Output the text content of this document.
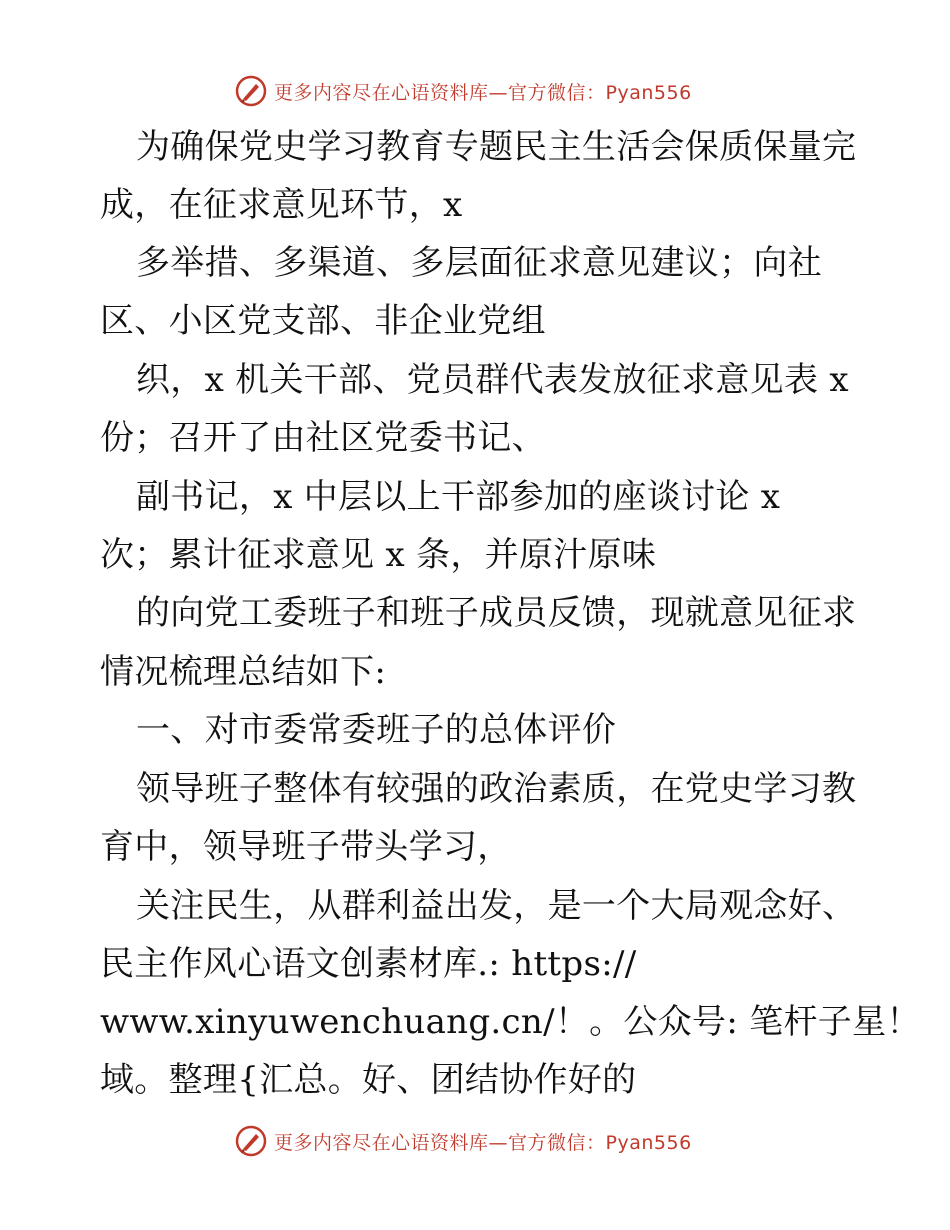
更多内容尽在心语资料库—官方微信：Pyan556
为确保党史学习教育专题民主生活会保质保量完
成，在征求意见环节，x
多举措、多渠道、多层面征求意见建议；向社
区、小区党支部、非企业党组
织，x 机关干部、党员群代表发放征求意见表 x
份；召开了由社区党委书记、
副书记，x 中层以上干部参加的座谈讨论 x
次；累计征求意见 x 条，并原汁原味
的向党工委班子和班子成员反馈，现就意见征求
情况梳理总结如下:
一、对市委常委班子的总体评价
领导班子整体有较强的政治素质，在党史学习教
育中，领导班子带头学习，
关注民生，从群利益出发，是一个大局观念好、
民主作风心语文创素材库.: https://
www.xinyuwenchuang.cn/！。公众号: 笔杆子星！
域。整理{汇总。好、团结协作好的
更多内容尽在心语资料库—官方微信：Pyan556
